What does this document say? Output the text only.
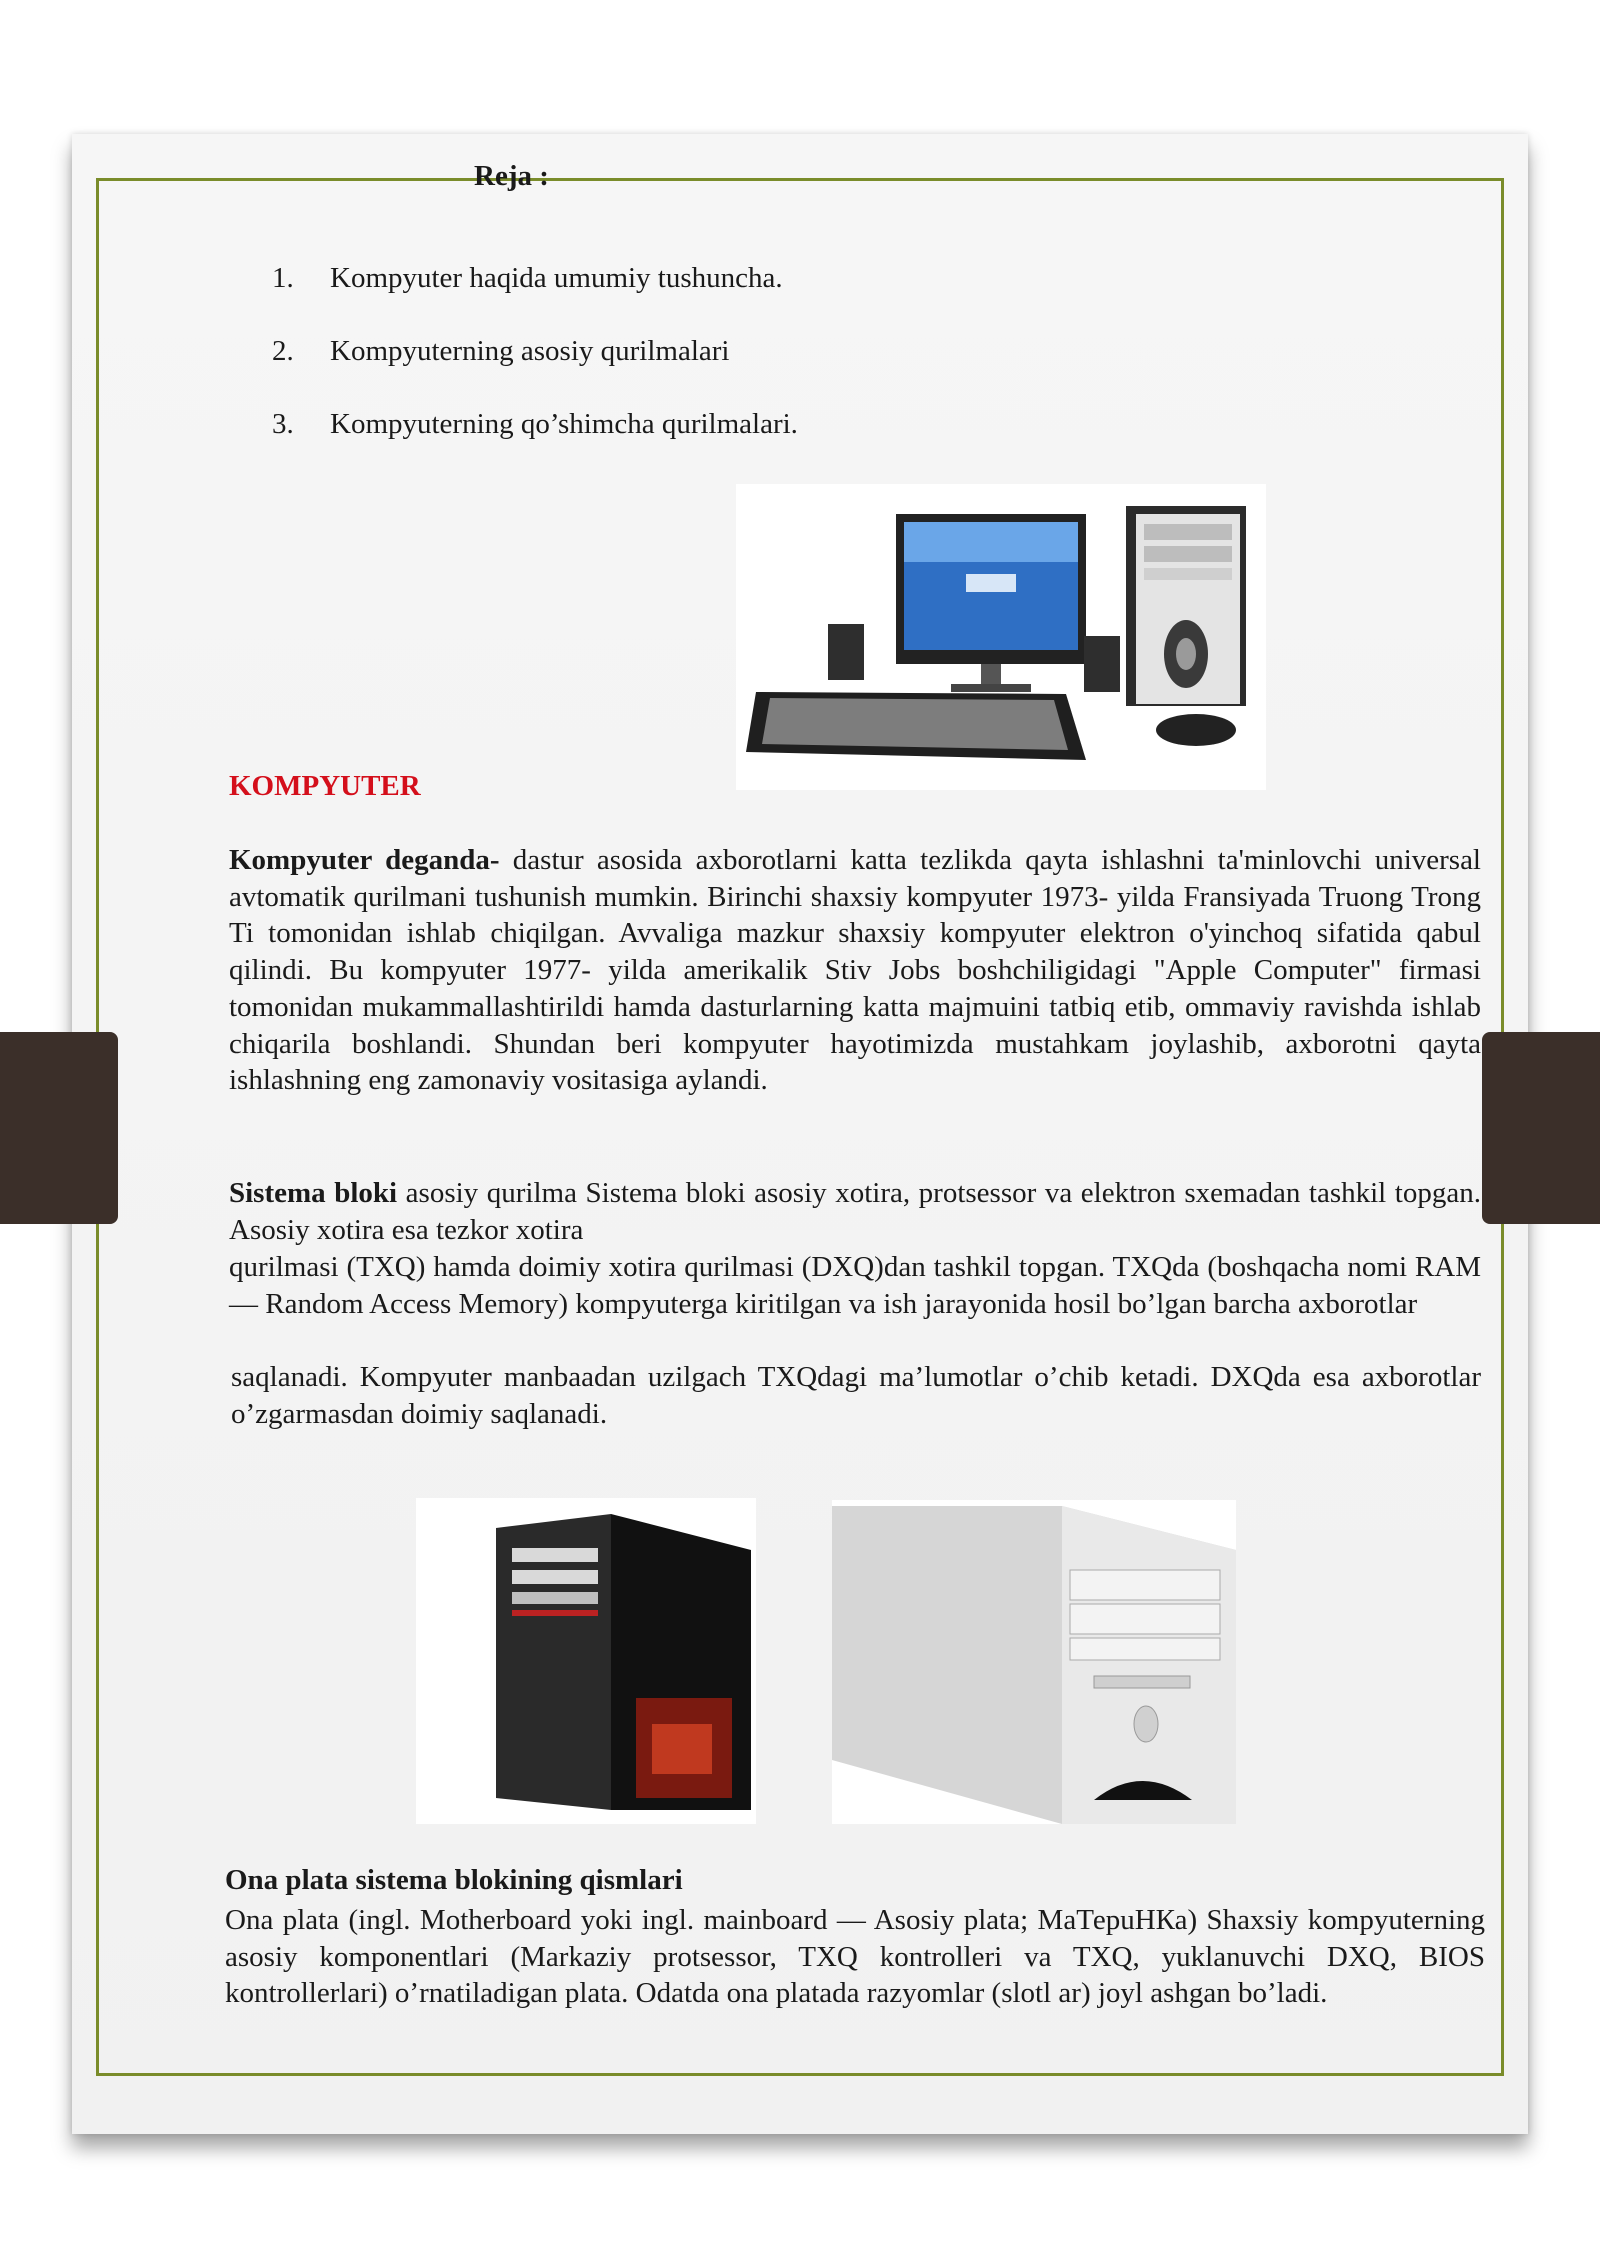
Reja :
1.	Kompyuter haqida umumiy tushuncha.
2.	Kompyuterning asosiy qurilmalari
3.	Kompyuterning qo’shimcha qurilmalari.
KOMPYUTER

Kompyuter deganda- dastur asosida axborotlarni katta tezlikda qayta ishlashni ta'minlovchi universal avtomatik qurilmani tushunish mumkin. Birinchi shaxsiy kompyuter 1973- yilda Fransiyada Truong Trong Ti tomonidan ishlab chiqilgan. Avvaliga mazkur shaxsiy kompyuter elektron o'yinchoq sifatida qabul qilindi. Bu kompyuter 1977- yilda amerikalik Stiv Jobs boshchiligidagi "Apple Computer" firmasi tomonidan mukammallashtirildi hamda dasturlarning katta majmuini tatbiq etib, ommaviy ravishda ishlab chiqarila boshlandi. Shundan beri kompyuter hayotimizda mustahkam joylashib, axborotni qayta ishlashning eng zamonaviy vositasiga aylandi.

Sistema bloki asosiy qurilma Sistema bloki asosiy xotira, protsessor va elektron sxemadan tashkil topgan. Asosiy xotira esa tezkor xotira

qurilmasi (TXQ) hamda doimiy xotira qurilmasi (DXQ)dan tashkil topgan. TXQda (boshqacha nomi RAM — Random Access Memory) kompyuterga kiritilgan va ish jarayonida hosil bo’lgan barcha axborotlar

saqlanadi. Kompyuter manbaadan uzilgach TXQdagi ma’lumotlar o’chib ketadi. DXQda esa axborotlar o’zgarmasdan doimiy saqlanadi.

Ona plata sistema blokining qismlari

Ona plata (ingl. Motherboard yoki ingl. mainboard — Asosiy plata; МаТерuНКа) Shaxsiy kompyuterning asosiy komponentlari (Markaziy protsessor, TXQ kontrolleri va TXQ, yuklanuvchi DXQ, BIOS kontrollerlari) o’rnatiladigan plata. Odatda ona platada razyomlar (slotl ar) joyl ashgan bo’ladi.
